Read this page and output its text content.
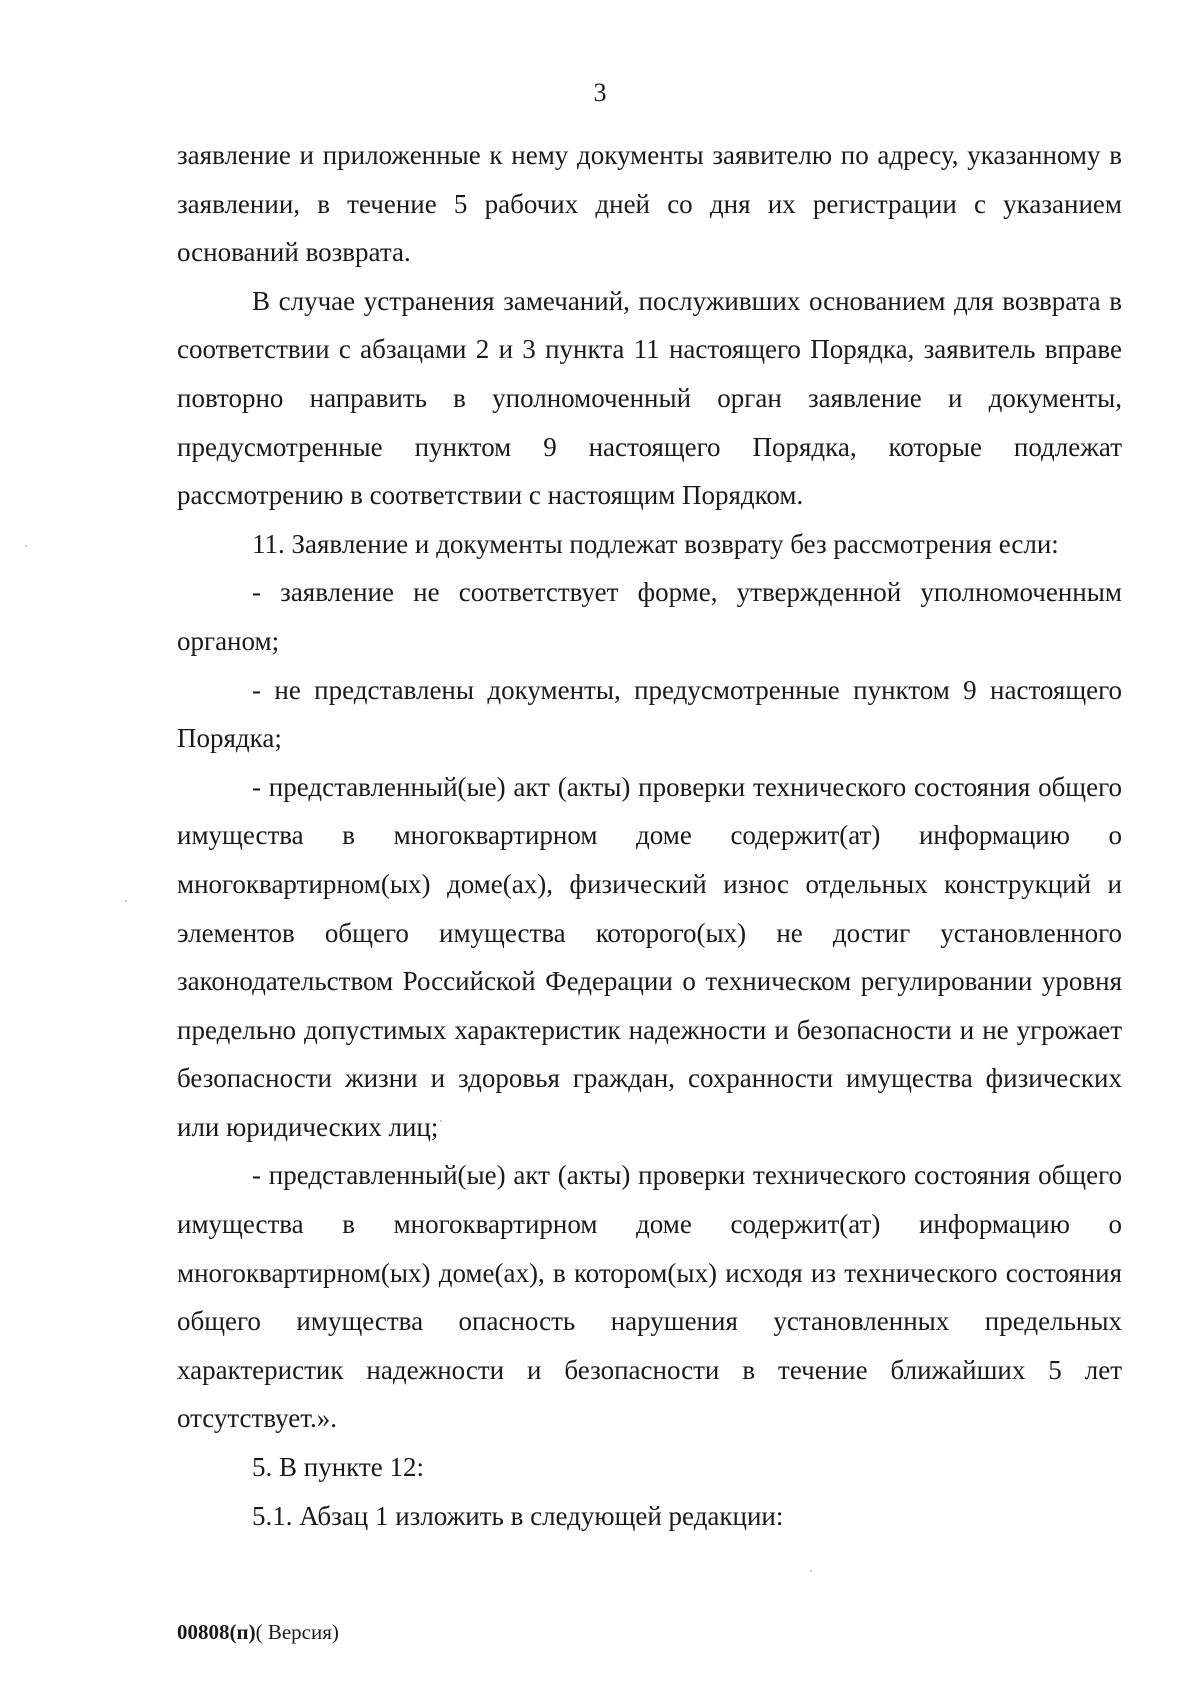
3

заявление и приложенные к нему документы заявителю по адресу, указанному в заявлении, в течение 5 рабочих дней со дня их регистрации с указанием оснований возврата.

В случае устранения замечаний, послуживших основанием для возврата в соответствии с абзацами 2 и 3 пункта 11 настоящего Порядка, заявитель вправе повторно направить в уполномоченный орган заявление и документы, предусмотренные пунктом 9 настоящего Порядка, которые подлежат рассмотрению в соответствии с настоящим Порядком.

11. Заявление и документы подлежат возврату без рассмотрения если:

- заявление не соответствует форме, утвержденной уполномоченным органом;

- не представлены документы, предусмотренные пунктом 9 настоящего Порядка;

- представленный(ые) акт (акты) проверки технического состояния общего имущества в многоквартирном доме содержит(ат) информацию о многоквартирном(ых) доме(ах), физический износ отдельных конструкций и элементов общего имущества которого(ых) не достиг установленного законодательством Российской Федерации о техническом регулировании уровня предельно допустимых характеристик надежности и безопасности и не угрожает безопасности жизни и здоровья граждан, сохранности имущества физических или юридических лиц;

- представленный(ые) акт (акты) проверки технического состояния общего имущества в многоквартирном доме содержит(ат) информацию о многоквартирном(ых) доме(ах), в котором(ых) исходя из технического состояния общего имущества опасность нарушения установленных предельных характеристик надежности и безопасности в течение ближайших 5 лет отсутствует.».

5. В пункте 12:

5.1. Абзац 1 изложить в следующей редакции:

00808(п)( Версия)
